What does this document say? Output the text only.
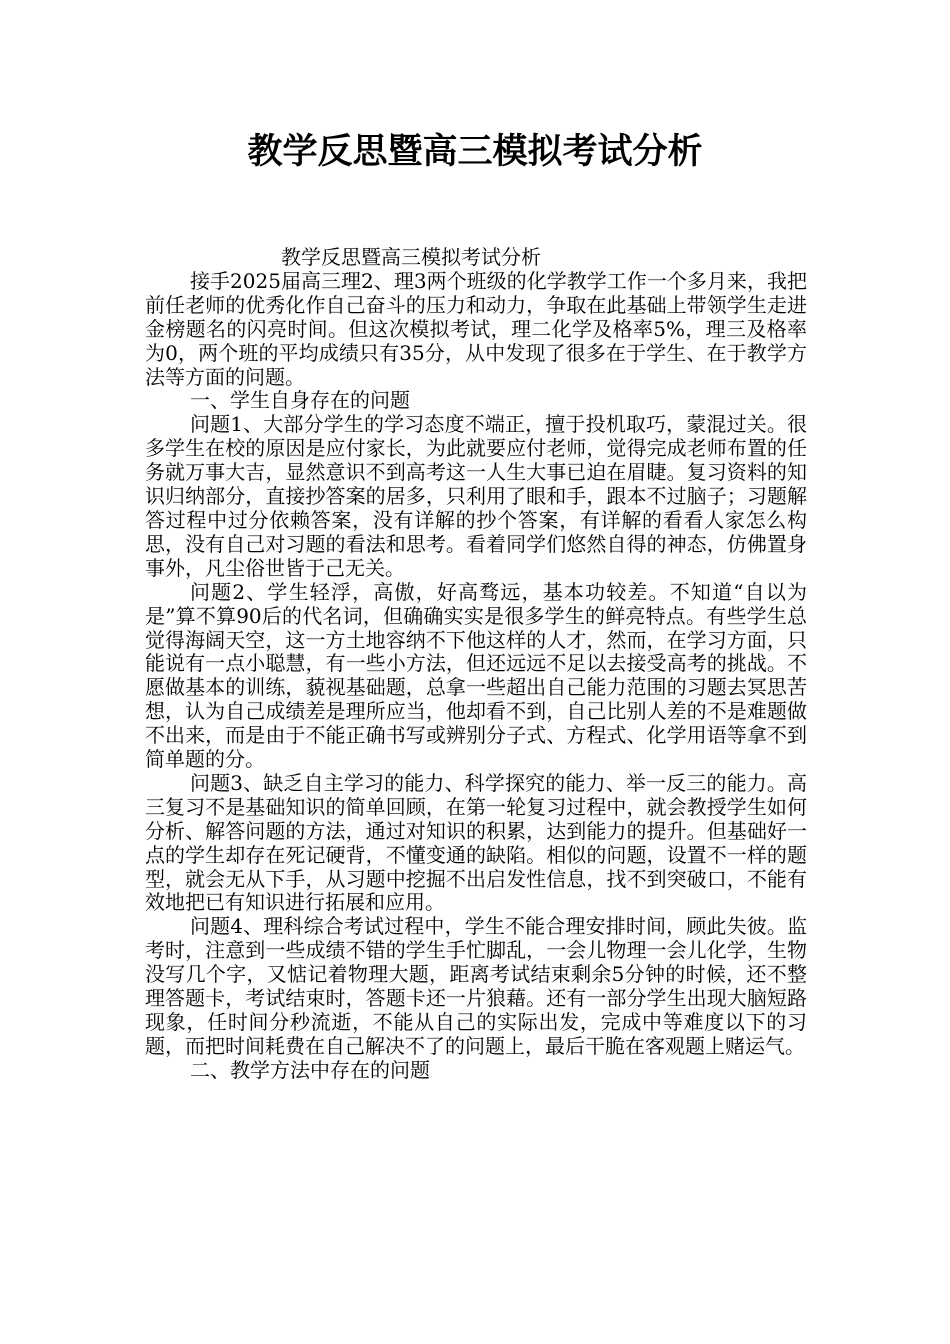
教学反思暨高三模拟考试分析

教学反思暨高三模拟考试分析

接手2025届高三理2、理3两个班级的化学教学工作一个多月来，我把前任老师的优秀化作自己奋斗的压力和动力，争取在此基础上带领学生走进金榜题名的闪亮时间。但这次模拟考试，理二化学及格率5%，理三及格率为0，两个班的平均成绩只有35分，从中发现了很多在于学生、在于教学方法等方面的问题。

一、学生自身存在的问题

问题1、大部分学生的学习态度不端正，擅于投机取巧，蒙混过关。很多学生在校的原因是应付家长，为此就要应付老师，觉得完成老师布置的任务就万事大吉，显然意识不到高考这一人生大事已迫在眉睫。复习资料的知识归纳部分，直接抄答案的居多，只利用了眼和手，跟本不过脑子；习题解答过程中过分依赖答案，没有详解的抄个答案，有详解的看看人家怎么构思，没有自己对习题的看法和思考。看着同学们悠然自得的神态，仿佛置身事外，凡尘俗世皆于己无关。

问题2、学生轻浮，高傲，好高骛远，基本功较差。不知道“自以为是”算不算90后的代名词，但确确实实是很多学生的鲜亮特点。有些学生总觉得海阔天空，这一方土地容纳不下他这样的人才，然而，在学习方面，只能说有一点小聪慧，有一些小方法，但还远远不足以去接受高考的挑战。不愿做基本的训练，藐视基础题，总拿一些超出自己能力范围的习题去冥思苦想，认为自己成绩差是理所应当，他却看不到，自己比别人差的不是难题做不出来，而是由于不能正确书写或辨别分子式、方程式、化学用语等拿不到简单题的分。

问题3、缺乏自主学习的能力、科学探究的能力、举一反三的能力。高三复习不是基础知识的简单回顾，在第一轮复习过程中，就会教授学生如何分析、解答问题的方法，通过对知识的积累，达到能力的提升。但基础好一点的学生却存在死记硬背，不懂变通的缺陷。相似的问题，设置不一样的题型，就会无从下手，从习题中挖掘不出启发性信息，找不到突破口，不能有效地把已有知识进行拓展和应用。

问题4、理科综合考试过程中，学生不能合理安排时间，顾此失彼。监考时，注意到一些成绩不错的学生手忙脚乱，一会儿物理一会儿化学，生物没写几个字，又惦记着物理大题，距离考试结束剩余5分钟的时候，还不整理答题卡，考试结束时，答题卡还一片狼藉。还有一部分学生出现大脑短路现象，任时间分秒流逝，不能从自己的实际出发，完成中等难度以下的习题，而把时间耗费在自己解决不了的问题上，最后干脆在客观题上赌运气。

二、教学方法中存在的问题
